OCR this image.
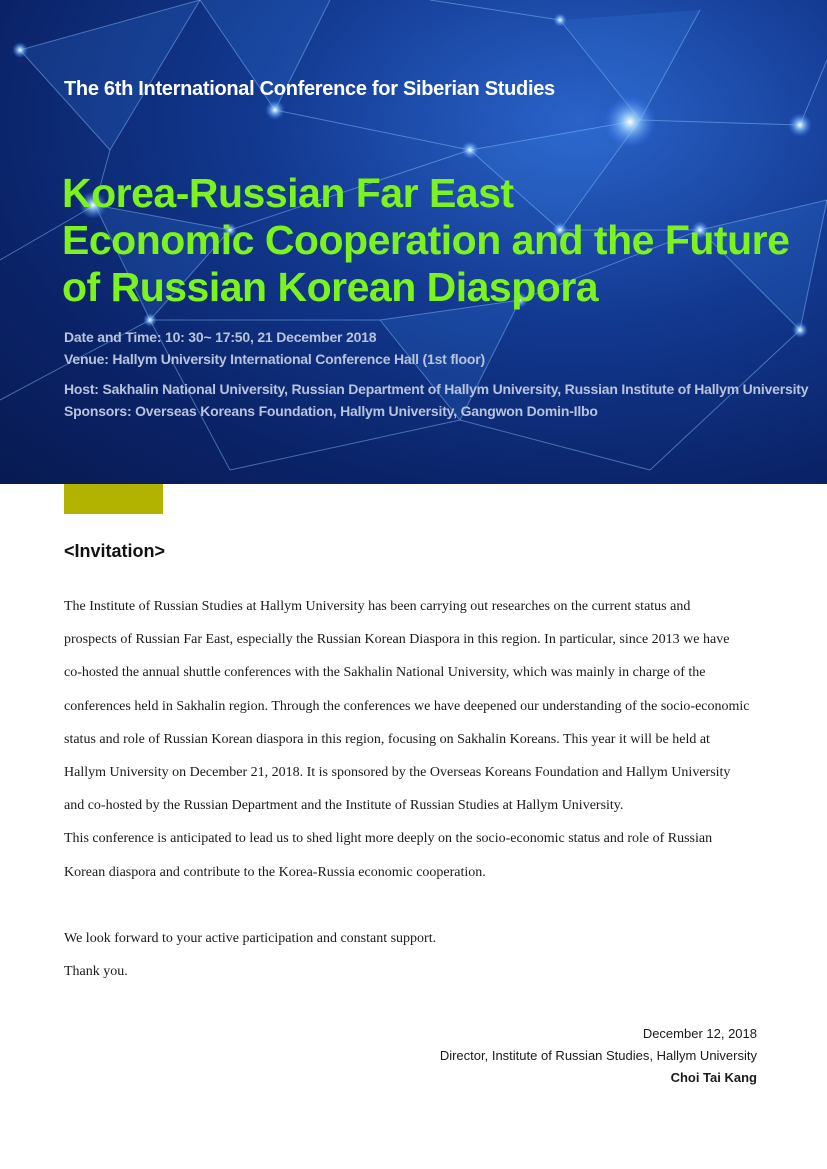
The 6th International Conference for Siberian Studies
Korea-Russian Far East
Economic Cooperation and the Future
of Russian Korean Diaspora
Date and Time: 10: 30~ 17:50, 21 December 2018
Venue: Hallym University International Conference Hall (1st floor)
Host: Sakhalin National University, Russian Department of Hallym University, Russian Institute of Hallym University
Sponsors: Overseas Koreans Foundation, Hallym University, Gangwon Domin-Ilbo
<Invitation>
The Institute of Russian Studies at Hallym University has been carrying out researches on the current status and
prospects of Russian Far East, especially the Russian Korean Diaspora in this region. In particular, since 2013 we have
co-hosted the annual shuttle conferences with the Sakhalin National University, which was mainly in charge of the
conferences held in Sakhalin region. Through the conferences we have deepened our understanding of the socio-economic
status and role of Russian Korean diaspora in this region, focusing on Sakhalin Koreans. This year it will be held at
Hallym University on December 21, 2018. It is sponsored by the Overseas Koreans Foundation and Hallym University
and co-hosted by the Russian Department and the Institute of Russian Studies at Hallym University.
This conference is anticipated to lead us to shed light more deeply on the socio-economic status and role of Russian
Korean diaspora and contribute to the Korea-Russia economic cooperation.
We look forward to your active participation and constant support.
Thank you.
December 12, 2018
Director, Institute of Russian Studies, Hallym University
Choi Tai Kang
